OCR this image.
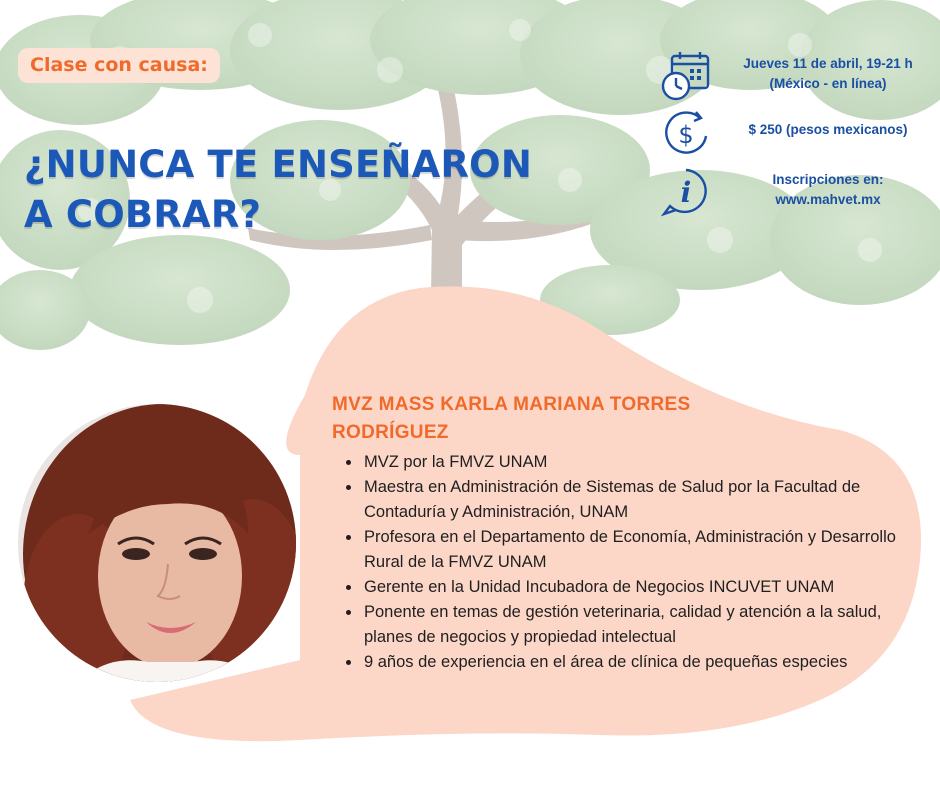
Clase con causa:
¿NUNCA TE ENSEÑARON
A COBRAR?
Jueves 11 de abril, 19-21 h
(México - en línea)
$	$ 250 (pesos mexicanos)
i	Inscripciones en:
www.mahvet.mx
MVZ MASS KARLA MARIANA TORRES
RODRÍGUEZ
• MVZ por la FMVZ UNAM
• Maestra en Administración de Sistemas de Salud por la Facultad de Contaduría y Administración, UNAM
• Profesora en el Departamento de Economía, Administración y Desarrollo Rural de la FMVZ UNAM
• Gerente en la Unidad Incubadora de Negocios INCUVET UNAM
• Ponente en temas de gestión veterinaria, calidad y atención a la salud, planes de negocios y propiedad intelectual
• 9 años de experiencia en el área de clínica de pequeñas especies
